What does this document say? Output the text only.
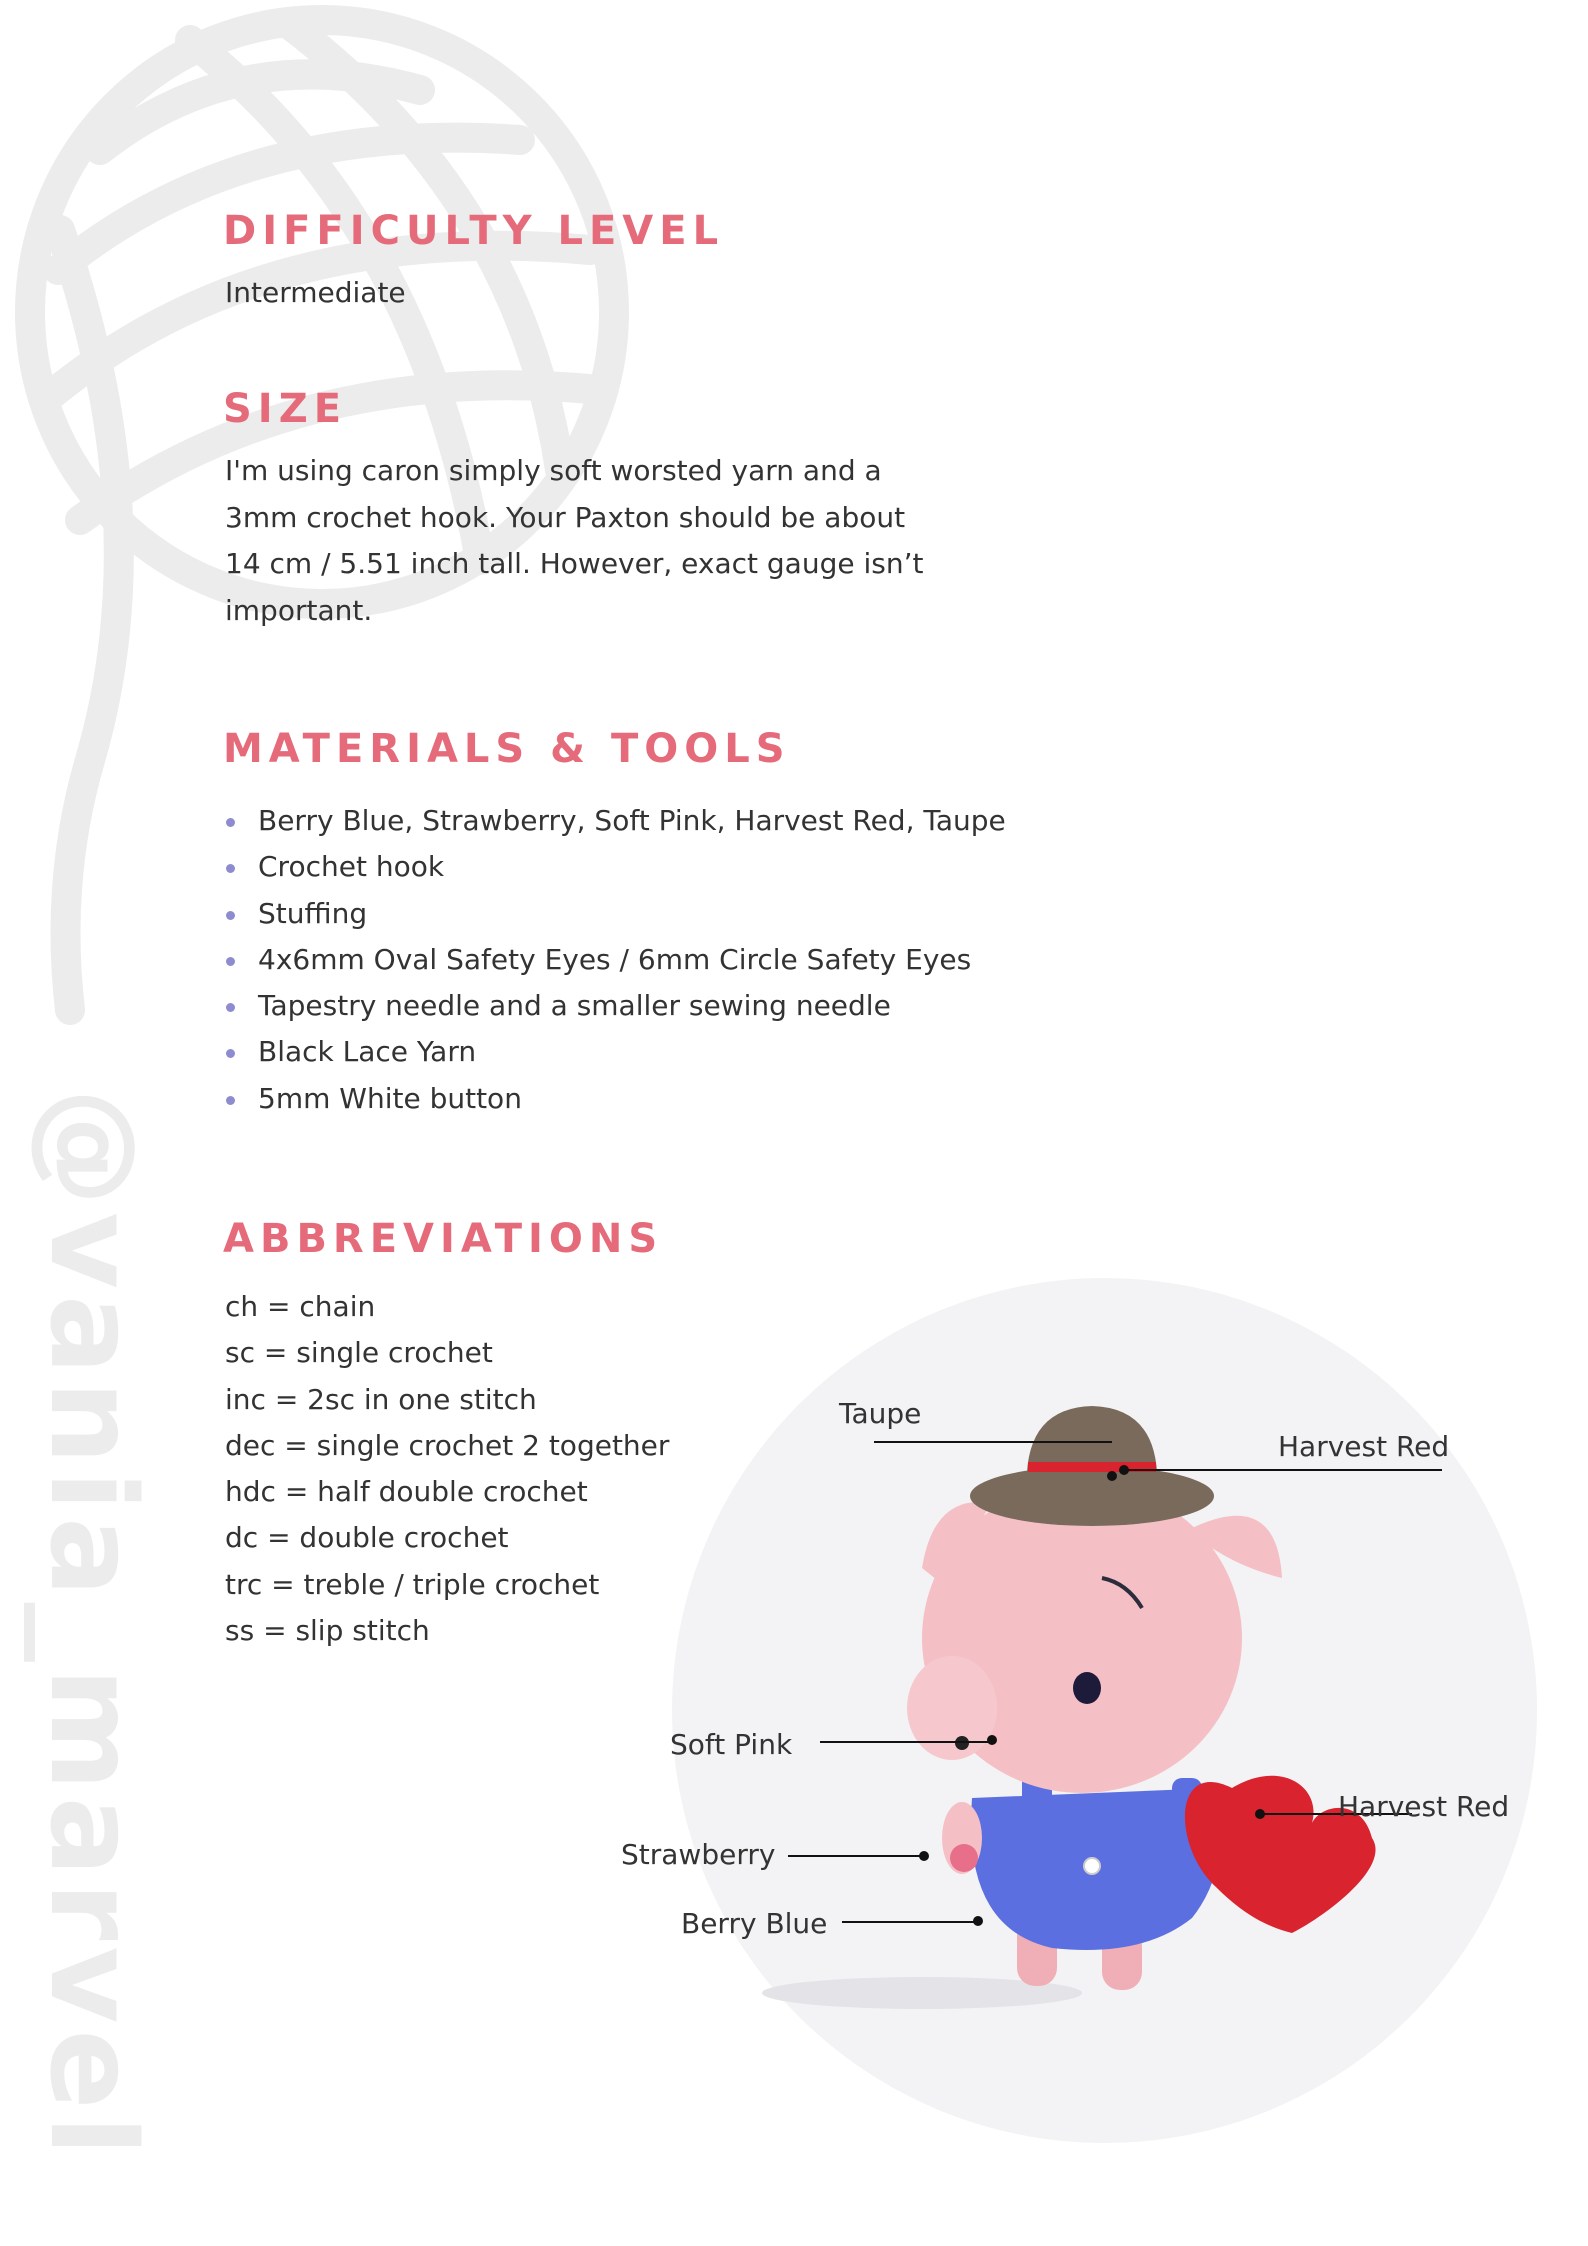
@vania_marvel
DIFFICULTY LEVEL

Intermediate

SIZE
I'm using caron simply soft worsted yarn and a
3mm crochet hook. Your Paxton should be about
14 cm / 5.51 inch tall. However, exact gauge isn’t
important.
MATERIALS & TOOLS
Berry Blue, Strawberry, Soft Pink, Harvest Red, Taupe
Crochet hook
Stuffing
4x6mm Oval Safety Eyes / 6mm Circle Safety Eyes
Tapestry needle and a smaller sewing needle
Black Lace Yarn
5mm White button
ABBREVIATIONS
ch = chain
sc = single crochet
inc = 2sc in one stitch
dec = single crochet 2 together
hdc = half double crochet
dc = double crochet
trc = treble / triple crochet
ss = slip stitch
Taupe
Harvest Red
Soft Pink
Harvest Red
Strawberry
Berry Blue
